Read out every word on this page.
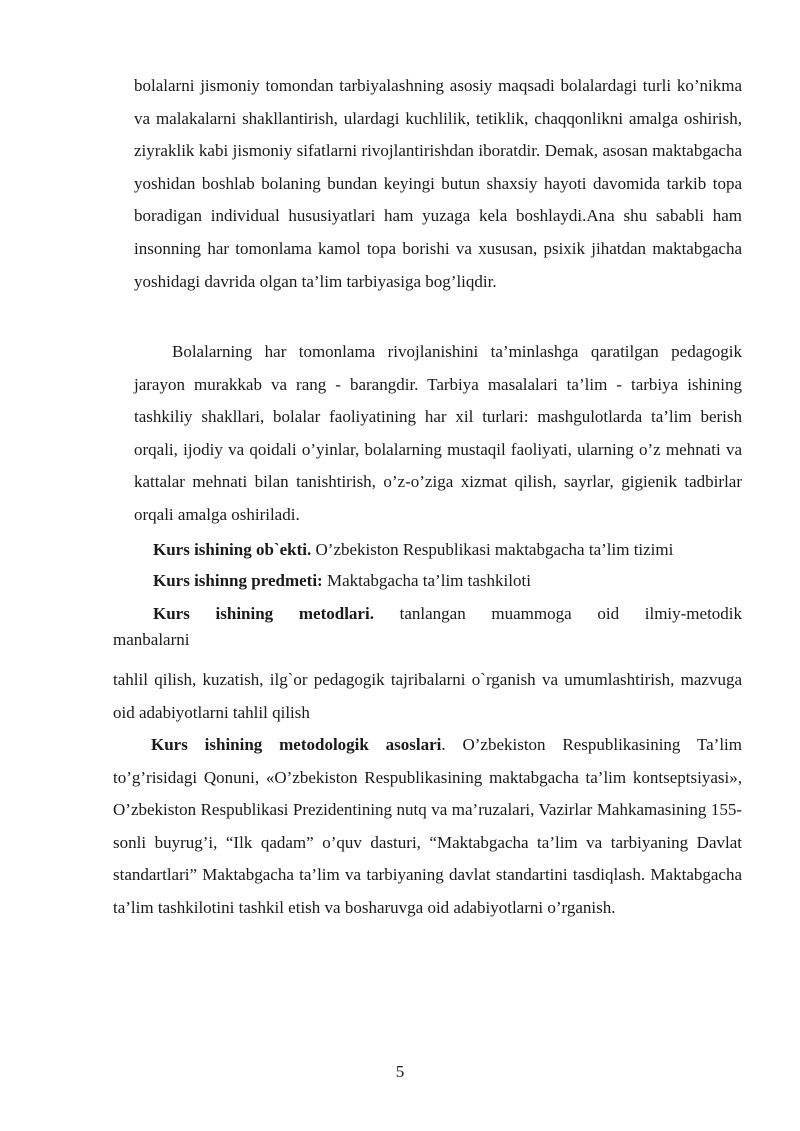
bolalarni jismoniy tomondan tarbiyalashning asosiy maqsadi bolalardagi turli ko’nikma va malakalarni shakllantirish, ulardagi kuchlilik, tetiklik, chaqqonlikni amalga oshirish, ziyraklik kabi jismoniy sifatlarni rivojlantirishdan iboratdir. Demak, asosan maktabgacha yoshidan boshlab bolaning bundan keyingi butun shaxsiy hayoti davomida tarkib topa boradigan individual hususiyatlari ham yuzaga kela boshlaydi.Ana shu sababli ham insonning har tomonlama kamol topa borishi va xususan, psixik jihatdan maktabgacha yoshidagi davrida olgan ta’lim tarbiyasiga bog’liqdir.

Bolalarning har tomonlama rivojlanishini ta’minlashga qaratilgan pedagogik jarayon murakkab va rang - barangdir. Tarbiya masalalari ta’lim - tarbiya ishining tashkiliy shakllari, bolalar faoliyatining har xil turlari: mashgulotlarda ta’lim berish orqali, ijodiy va qoidali o’yinlar, bolalarning mustaqil faoliyati, ularning o’z mehnati va kattalar mehnati bilan tanishtirish, o’z-o’ziga xizmat qilish, sayrlar, gigienik tadbirlar orqali amalga oshiriladi.

Kurs ishining ob`ekti. O’zbekiston Respublikasi maktabgacha ta’lim tizimi
Kurs ishinng predmeti: Maktabgacha ta’lim tashkiloti
Kurs ishining metodlari. tanlangan muammoga oid ilmiy-metodik
manbalarni

tahlil qilish, kuzatish, ilg`or pedagogik tajribalarni o`rganish va umumlashtirish, mazvuga oid adabiyotlarni tahlil qilish

Kurs ishining metodologik asoslari. O’zbekiston Respublikasining Ta’lim to’g’risidagi Qonuni, «O’zbekiston Respublikasining maktabgacha ta’lim kontseptsiyasi», O’zbekiston Respublikasi Prezidentining nutq va ma’ruzalari, Vazirlar Mahkamasining 155-sonli buyrug’i, “Ilk qadam” o’quv dasturi, “Maktabgacha ta’lim va tarbiyaning Davlat standartlari” Maktabgacha ta’lim va tarbiyaning davlat standartini tasdiqlash. Maktabgacha ta’lim tashkilotini tashkil etish va bosharuvga oid adabiyotlarni o’rganish.

5
